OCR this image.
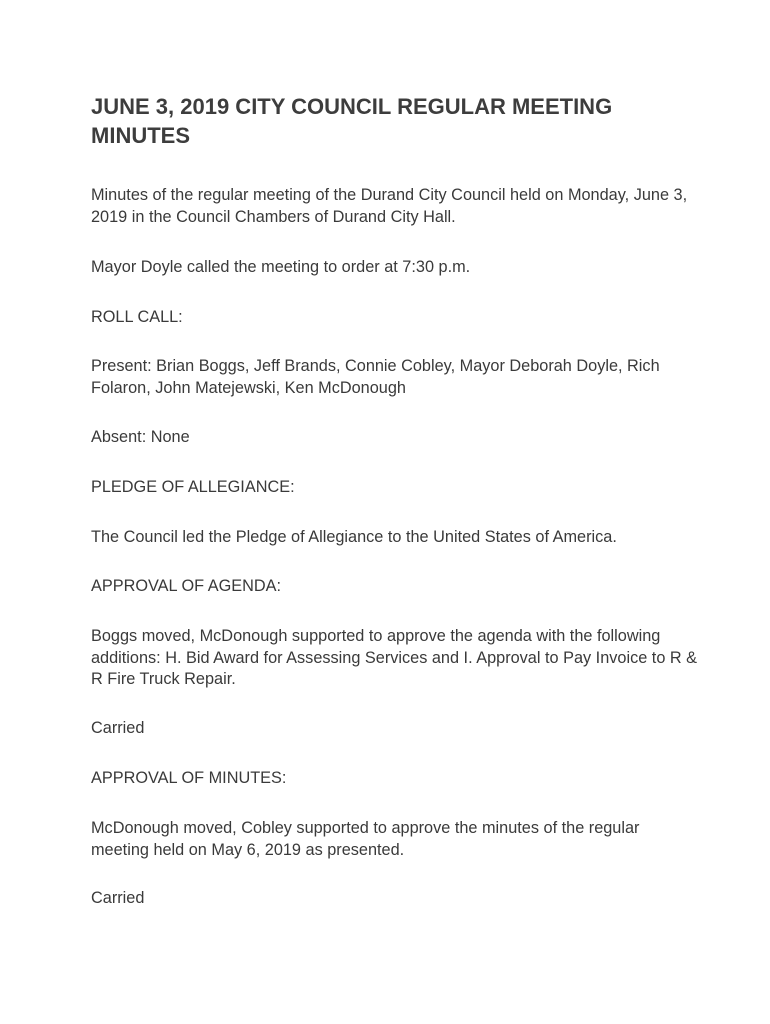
JUNE 3, 2019 CITY COUNCIL REGULAR MEETING MINUTES

Minutes of the regular meeting of the Durand City Council held on Monday, June 3, 2019 in the Council Chambers of Durand City Hall.

Mayor Doyle called the meeting to order at 7:30 p.m.

ROLL CALL:

Present: Brian Boggs, Jeff Brands, Connie Cobley, Mayor Deborah Doyle, Rich Folaron, John Matejewski, Ken McDonough

Absent: None

PLEDGE OF ALLEGIANCE:

The Council led the Pledge of Allegiance to the United States of America.

APPROVAL OF AGENDA:

Boggs moved, McDonough supported to approve the agenda with the following additions: H. Bid Award for Assessing Services and I. Approval to Pay Invoice to R & R Fire Truck Repair.

Carried

APPROVAL OF MINUTES:

McDonough moved, Cobley supported to approve the minutes of the regular meeting held on May 6, 2019 as presented.

Carried
